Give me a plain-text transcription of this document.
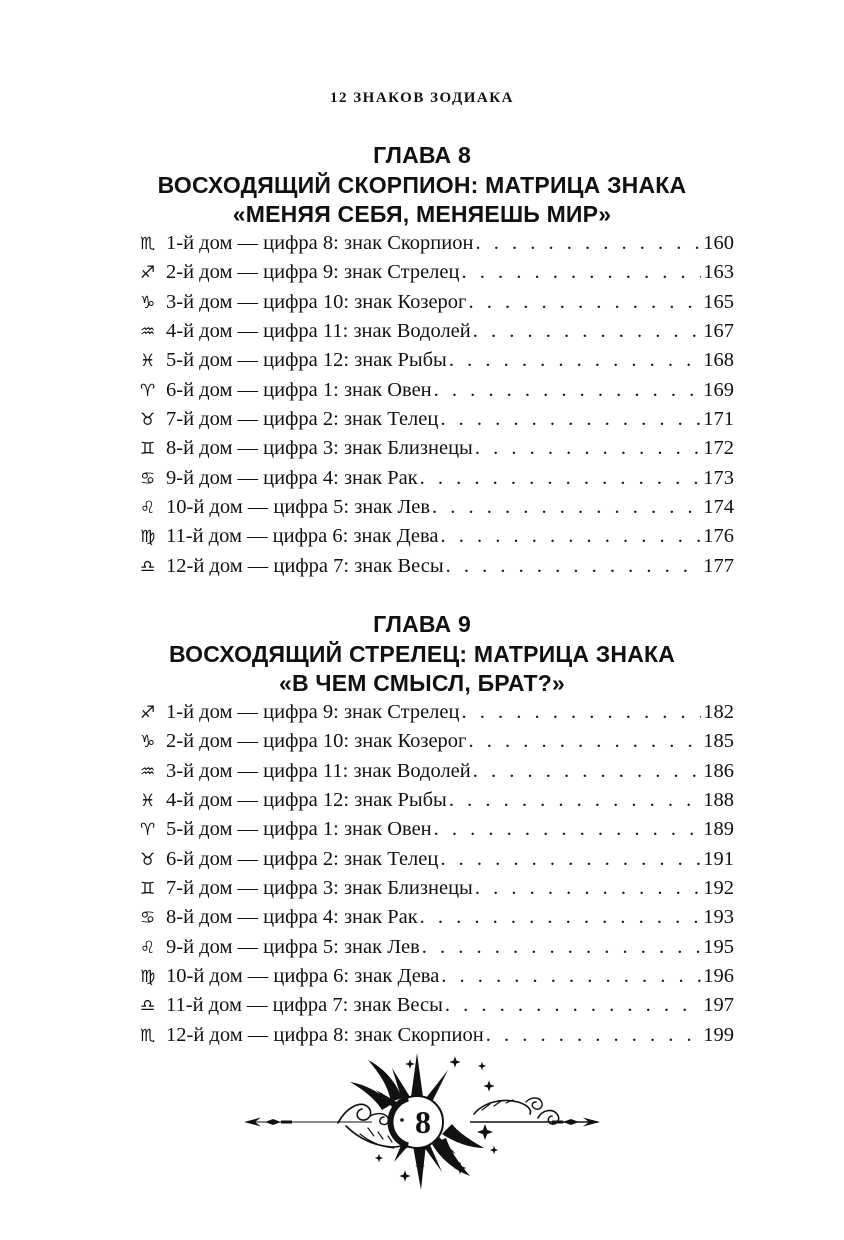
12 ЗНАКОВ ЗОДИАКА
ГЛАВА 8
ВОСХОДЯЩИЙ СКОРПИОН: МАТРИЦА ЗНАКА
«МЕНЯЯ СЕБЯ, МЕНЯЕШЬ МИР»
♏ 1-й дом — цифра 8: знак Скорпион . . .	160
♐ 2-й дом — цифра 9: знак Стрелец . . .	163
♑ 3-й дом — цифра 10: знак Козерог . . .	165
♒ 4-й дом — цифра 11: знак Водолей . . .	167
♓ 5-й дом — цифра 12: знак Рыбы . . .	168
♈ 6-й дом — цифра 1: знак Овен . . .	169
♉ 7-й дом — цифра 2: знак Телец . . .	171
♊ 8-й дом — цифра 3: знак Близнецы . . .	172
♋ 9-й дом — цифра 4: знак Рак . . .	173
♌ 10-й дом — цифра 5: знак Лев . . .	174
♍ 11-й дом — цифра 6: знак Дева . . .	176
♎ 12-й дом — цифра 7: знак Весы . . .	177
ГЛАВА 9
ВОСХОДЯЩИЙ СТРЕЛЕЦ: МАТРИЦА ЗНАКА
«В ЧЕМ СМЫСЛ, БРАТ?»
♐ 1-й дом — цифра 9: знак Стрелец . . .	182
♑ 2-й дом — цифра 10: знак Козерог . . .	185
♒ 3-й дом — цифра 11: знак Водолей . . .	186
♓ 4-й дом — цифра 12: знак Рыбы . . .	188
♈ 5-й дом — цифра 1: знак Овен . . .	189
♉ 6-й дом — цифра 2: знак Телец . . .	191
♊ 7-й дом — цифра 3: знак Близнецы . . .	192
♋ 8-й дом — цифра 4: знак Рак . . .	193
♌ 9-й дом — цифра 5: знак Лев . . .	195
♍ 10-й дом — цифра 6: знак Дева . . .	196
♎ 11-й дом — цифра 7: знак Весы . . .	197
♏ 12-й дом — цифра 8: знак Скорпион . . .	199
8
